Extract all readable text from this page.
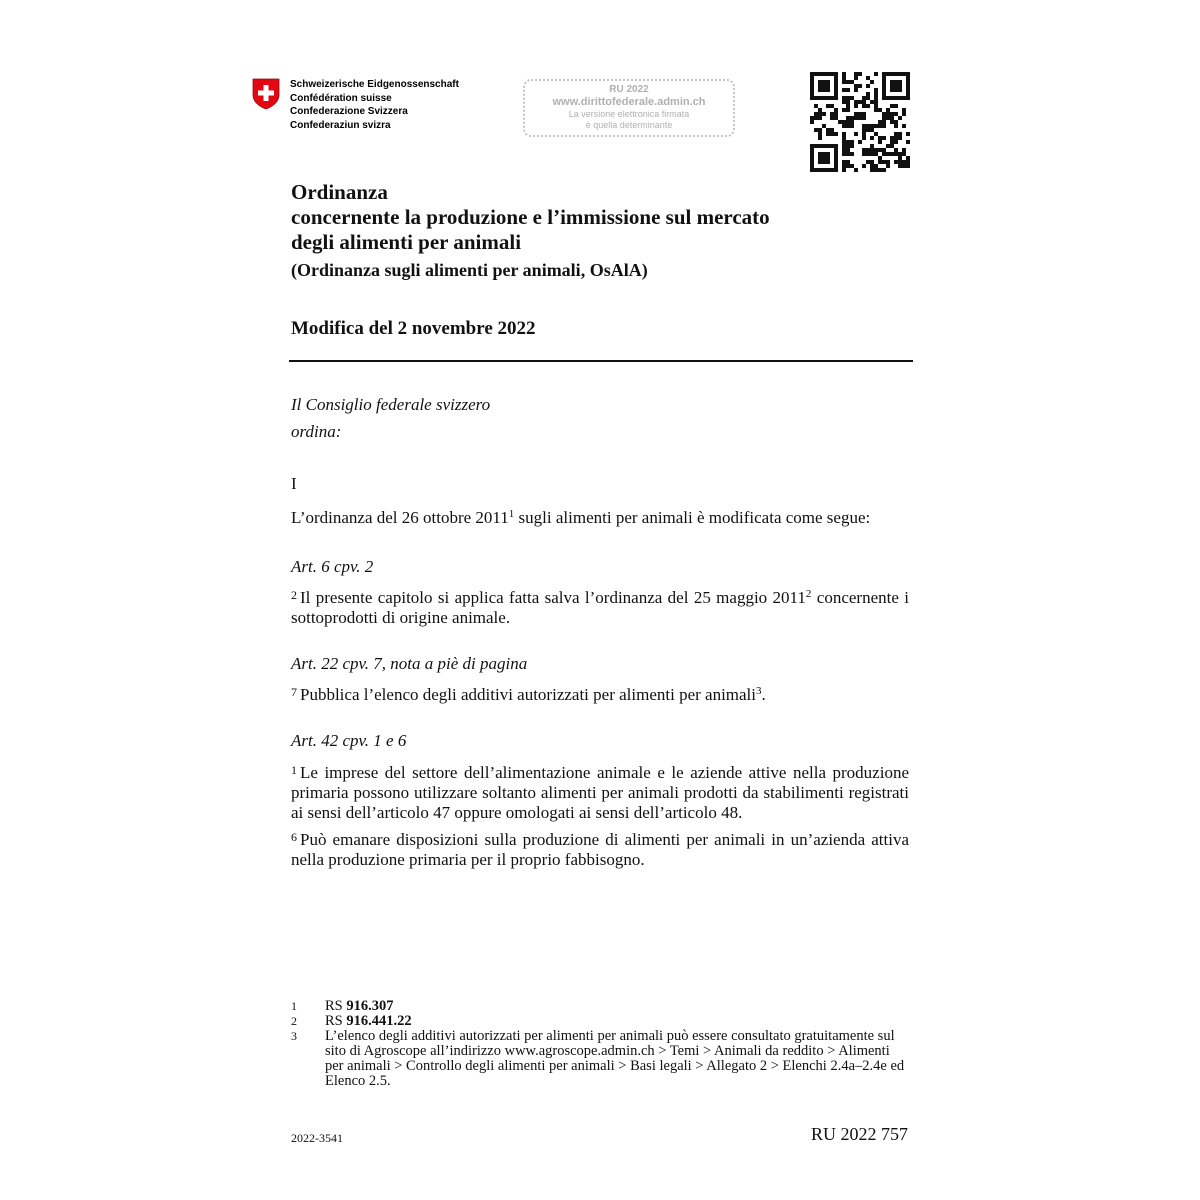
Schweizerische Eidgenossenschaft
Confédération suisse
Confederazione Svizzera
Confederaziun svizra
RU 2022
www.dirittofederale.admin.ch
La versione elettronica firmata
è quella determinante
Ordinanza
concernente la produzione e l’immissione sul mercato
degli alimenti per animali
(Ordinanza sugli alimenti per animali, OsAlA)
Modifica del 2 novembre 2022
Il Consiglio federale svizzero
ordina:
I
L’ordinanza del 26 ottobre 2011$^1$ sugli alimenti per animali è modificata come segue:
Art. 6 cpv. 2
$^2$ Il presente capitolo si applica fatta salva l’ordinanza del 25 maggio 2011$^2$ concernente i sottoprodotti di origine animale.
Art. 22 cpv. 7, nota a piè di pagina
$^7$ Pubblica l’elenco degli additivi autorizzati per alimenti per animali$^3$.
Art. 42 cpv. 1 e 6
$^1$ Le imprese del settore dell’alimentazione animale e le aziende attive nella produzione primaria possono utilizzare soltanto alimenti per animali prodotti da stabilimenti registrati ai sensi dell’articolo 47 oppure omologati ai sensi dell’articolo 48.
$^6$ Può emanare disposizioni sulla produzione di alimenti per animali in un’azienda attiva nella produzione primaria per il proprio fabbisogno.
1	RS 916.307
2	RS 916.441.22
3	L’elenco degli additivi autorizzati per alimenti per animali può essere consultato gratuitamente sul sito di Agroscope all’indirizzo www.agroscope.admin.ch > Temi > Animali da reddito > Alimenti per animali > Controllo degli alimenti per animali > Basi legali > Allegato 2 > Elenchi 2.4a–2.4e ed Elenco 2.5.
2022-3541	RU 2022 757
